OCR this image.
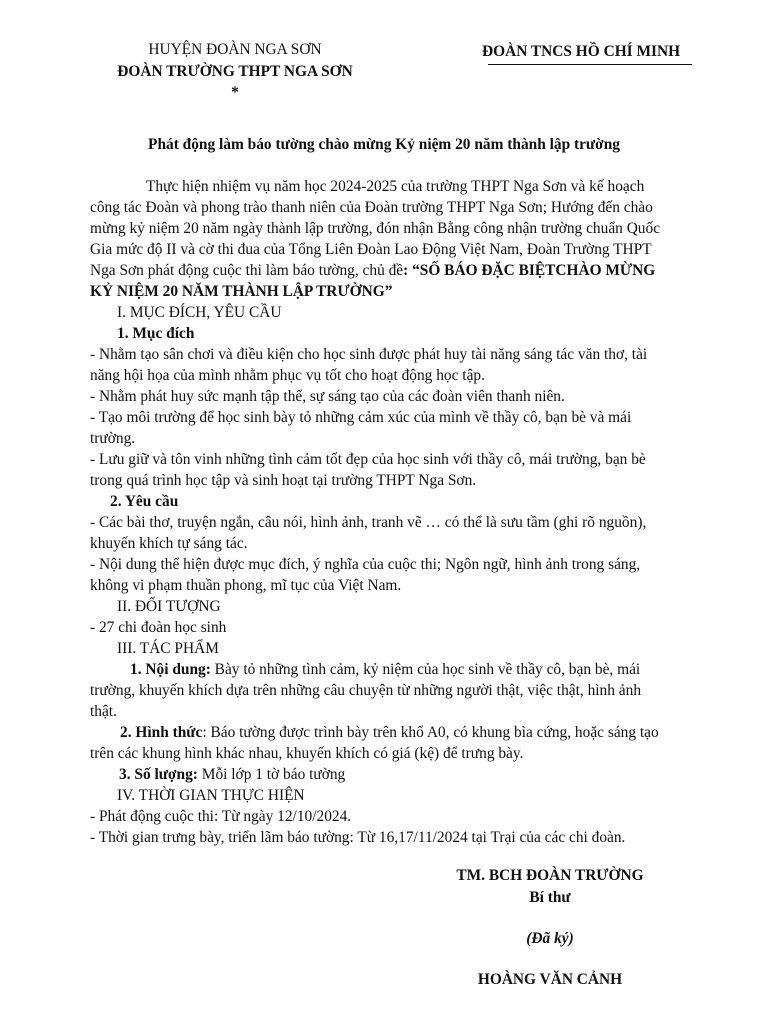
HUYỆN ĐOÀN NGA SƠN
ĐOÀN TRƯỜNG THPT NGA SƠN
*
ĐOÀN TNCS HỒ CHÍ MINH
Phát động làm báo tường chào mừng Kỷ niệm 20 năm thành lập trường
Thực hiện nhiệm vụ năm học 2024-2025 của trường THPT Nga Sơn và kế hoạch
công tác Đoàn và phong trào thanh niên của Đoàn trường THPT Nga Sơn; Hướng đến chào
mừng kỷ niệm 20 năm ngày thành lập trường, đón nhận Bằng công nhận trường chuẩn Quốc
Gia mức độ II và cờ thi đua của Tổng Liên Đoàn Lao Động Việt Nam, Đoàn Trường THPT
Nga Sơn phát động cuộc thi làm báo tường, chủ đề: “SỐ BÁO ĐẶC BIỆTCHÀO MỪNG
KỶ NIỆM 20 NĂM THÀNH LẬP TRƯỜNG”
I. MỤC ĐÍCH, YÊU CẦU
1. Mục đích
- Nhằm tạo sân chơi và điều kiện cho học sinh được phát huy tài năng sáng tác văn thơ, tài
năng hội họa của mình nhằm phục vụ tốt cho hoạt động học tập.
- Nhằm phát huy sức mạnh tập thể, sự sáng tạo của các đoàn viên thanh niên.
- Tạo môi trường để học sinh bày tỏ những cảm xúc của mình về thầy cô, bạn bè và mái
trường.
- Lưu giữ và tôn vinh những tình cảm tốt đẹp của học sinh với thầy cô, mái trường, bạn bè
trong quá trình học tập và sinh hoạt tại trường THPT Nga Sơn.
2. Yêu cầu
- Các bài thơ, truyện ngắn, câu nói, hình ảnh, tranh vẽ … có thể là sưu tầm (ghi rõ nguồn),
khuyến khích tự sáng tác.
- Nội dung thể hiện được mục đích, ý nghĩa của cuộc thi; Ngôn ngữ, hình ảnh trong sáng,
không vi phạm thuần phong, mĩ tục của Việt Nam.
II. ĐỐI TƯỢNG
- 27 chi đoàn học sinh
III. TÁC PHẨM
1. Nội dung: Bày tỏ những tình cảm, kỷ niệm của học sinh về thầy cô, bạn bè, mái
trường, khuyến khích dựa trên những câu chuyện từ những người thật, việc thật, hình ảnh
thật.
2. Hình thức: Báo tường được trình bày trên khổ A0, có khung bìa cứng, hoặc sáng tạo
trên các khung hình khác nhau, khuyến khích có giá (kệ) để trưng bày.
3. Số lượng: Mỗi lớp 1 tờ báo tường
IV. THỜI GIAN THỰC HIỆN
- Phát động cuộc thi: Từ ngày 12/10/2024.
- Thời gian trưng bày, triển lãm báo tường: Từ 16,17/11/2024 tại Trại của các chi đoàn.
TM. BCH ĐOÀN TRƯỜNG
Bí thư
(Đã ký)
HOÀNG VĂN CẢNH
